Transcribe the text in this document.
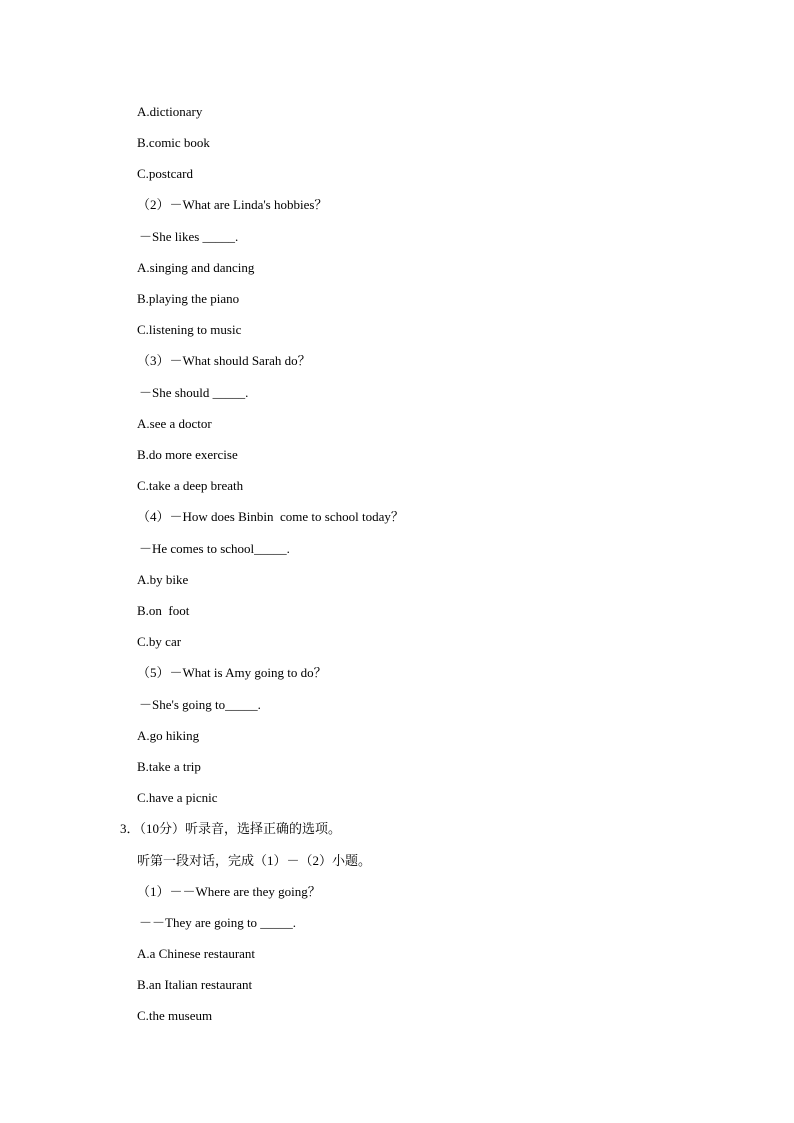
A.dictionary
B.comic book
C.postcard
（2）－What are Linda's hobbies？
－She likes _____.
A.singing and dancing
B.playing the piano
C.listening to music
（3）－What should Sarah do？
－She should _____.
A.see a doctor
B.do more exercise
C.take a deep breath
（4）－How does Binbin  come to school today？
－He comes to school_____.
A.by bike
B.on  foot
C.by car
（5）－What is Amy going to do？
－She's going to_____.
A.go hiking
B.take a trip
C.have a picnic
3．（10分）听录音，选择正确的选项。
听第一段对话，完成（1）－（2）小题。
（1）－－Where are they going？
－－They are going to _____.
A.a Chinese restaurant
B.an Italian restaurant
C.the museum
